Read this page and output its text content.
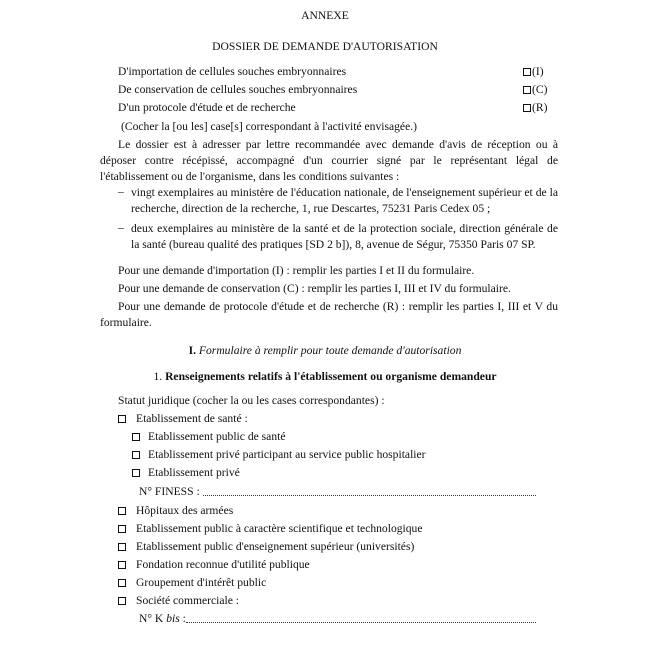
ANNEXE
DOSSIER DE DEMANDE D'AUTORISATION
D'importation de cellules souches embryonnaires	(I)
De conservation de cellules souches embryonnaires	(C)
D'un protocole d'étude et de recherche	(R)
(Cocher la [ou les] case[s] correspondant à l'activité envisagée.)
Le dossier est à adresser par lettre recommandée avec demande d'avis de réception ou à déposer contre récépissé, accompagné d'un courrier signé par le représentant légal de l'établissement ou de l'organisme, dans les conditions suivantes :
– vingt exemplaires au ministère de l'éducation nationale, de l'enseignement supérieur et de la recherche, direction de la recherche, 1, rue Descartes, 75231 Paris Cedex 05 ;
– deux exemplaires au ministère de la santé et de la protection sociale, direction générale de la santé (bureau qualité des pratiques [SD 2 b]), 8, avenue de Ségur, 75350 Paris 07 SP.
Pour une demande d'importation (I) : remplir les parties I et II du formulaire.
Pour une demande de conservation (C) : remplir les parties I, III et IV du formulaire.
Pour une demande de protocole d'étude et de recherche (R) : remplir les parties I, III et V du formulaire.
I. Formulaire à remplir pour toute demande d'autorisation
1. Renseignements relatifs à l'établissement ou organisme demandeur
Statut juridique (cocher la ou les cases correspondantes) :
Etablissement de santé :
Etablissement public de santé
Etablissement privé participant au service public hospitalier
Etablissement privé
N° FINESS :
Hôpitaux des armées
Etablissement public à caractère scientifique et technologique
Etablissement public d'enseignement supérieur (universités)
Fondation reconnue d'utilité publique
Groupement d'intérêt public
Société commerciale :
N° K bis :
